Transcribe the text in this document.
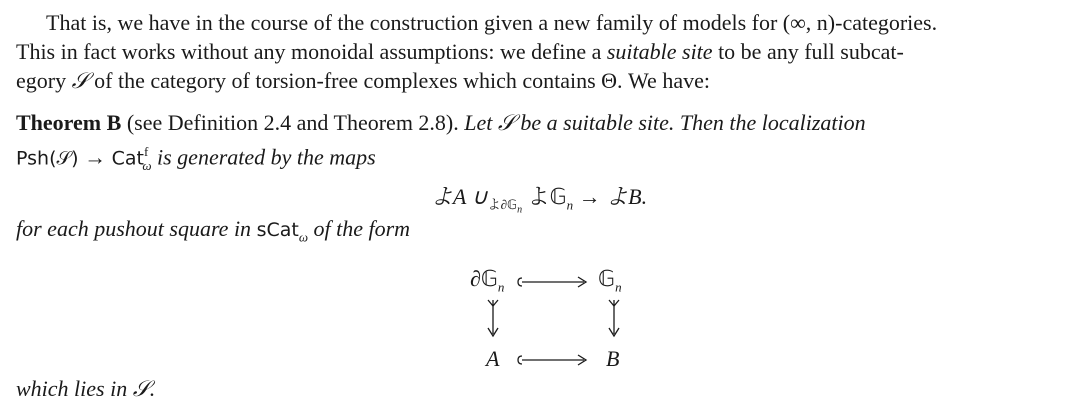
That is, we have in the course of the construction given a new family of models for (∞, n)-categories.
This in fact works without any monoidal assumptions: we define a suitable site to be any full subcat-
egory 𝒮 of the category of torsion-free complexes which contains Θ. We have:

Theorem B (see Definition 2.4 and Theorem 2.8). Let 𝒮 be a suitable site. Then the localization
Psh(𝒮) → Cat$^f_\omega$ is generated by the maps

よA $\cup_{よ\partial 𝔾_n}$ よ𝔾$_n$ → よB.
for each pushout square in sCat$_\omega$ of the form
∂𝔾$_n$	𝔾$_n$
A	B
which lies in 𝒮.
